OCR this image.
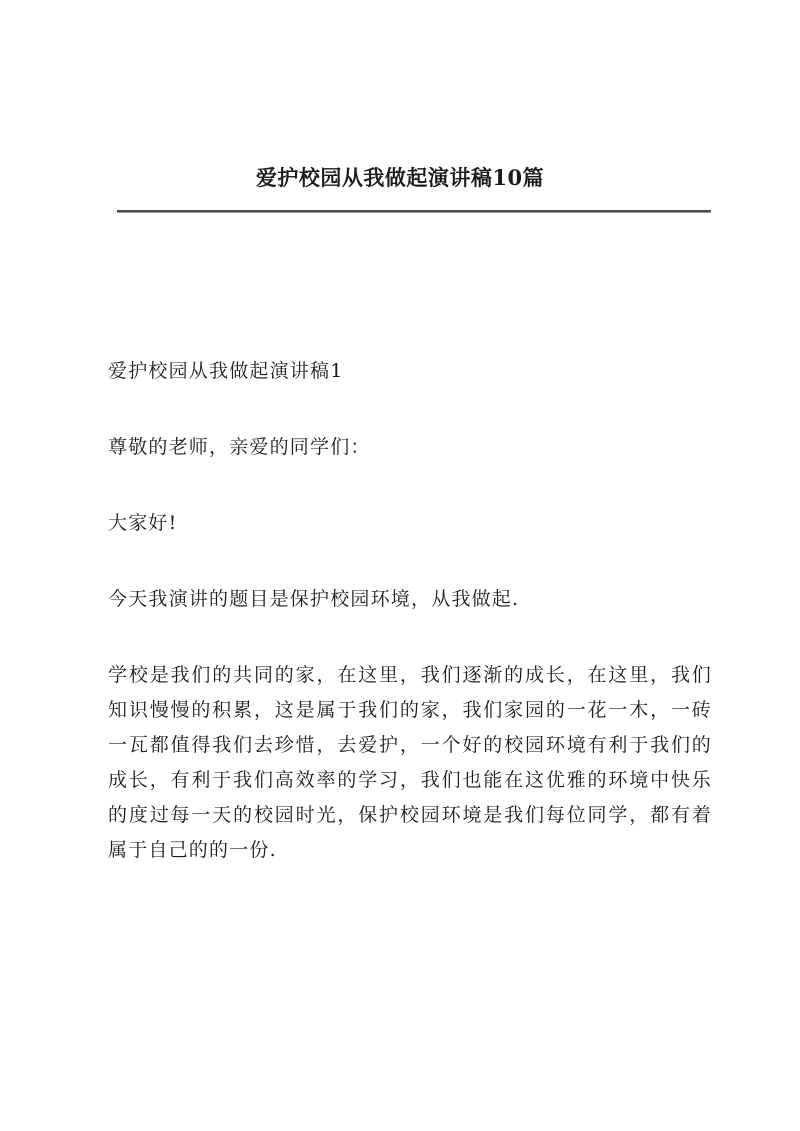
爱护校园从我做起演讲稿10篇

爱护校园从我做起演讲稿1

尊敬的老师，亲爱的同学们：

大家好!

今天我演讲的题目是保护校园环境，从我做起.

学校是我们的共同的家，在这里，我们逐渐的成长，在这里，我们知识慢慢的积累，这是属于我们的家，我们家园的一花一木，一砖一瓦都值得我们去珍惜，去爱护，一个好的校园环境有利于我们的成长，有利于我们高效率的学习，我们也能在这优雅的环境中快乐的度过每一天的校园时光，保护校园环境是我们每位同学，都有着属于自己的的一份.
